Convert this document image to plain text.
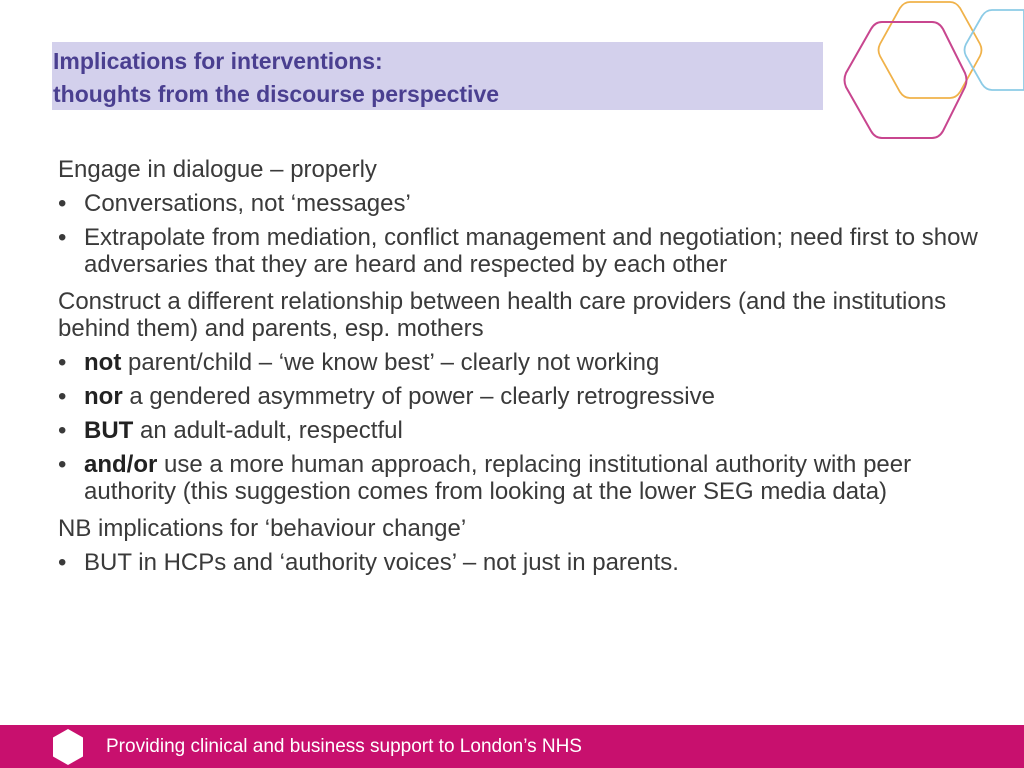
Implications for interventions:
thoughts from the discourse perspective
Engage in dialogue – properly
• Conversations, not ‘messages’
• Extrapolate from mediation, conflict management and negotiation; need first to show adversaries that they are heard and respected by each other
Construct a different relationship between health care providers (and the institutions behind them) and parents, esp. mothers
• not parent/child – ‘we know best’ – clearly not working
• nor a gendered asymmetry of power – clearly retrogressive
• BUT an adult-adult, respectful
• and/or use a more human approach, replacing institutional authority with peer authority (this suggestion comes from looking at the lower SEG media data)
NB implications for ‘behaviour change’
• BUT in HCPs and ‘authority voices’ – not just in parents.
Providing clinical and business support to London’s NHS
